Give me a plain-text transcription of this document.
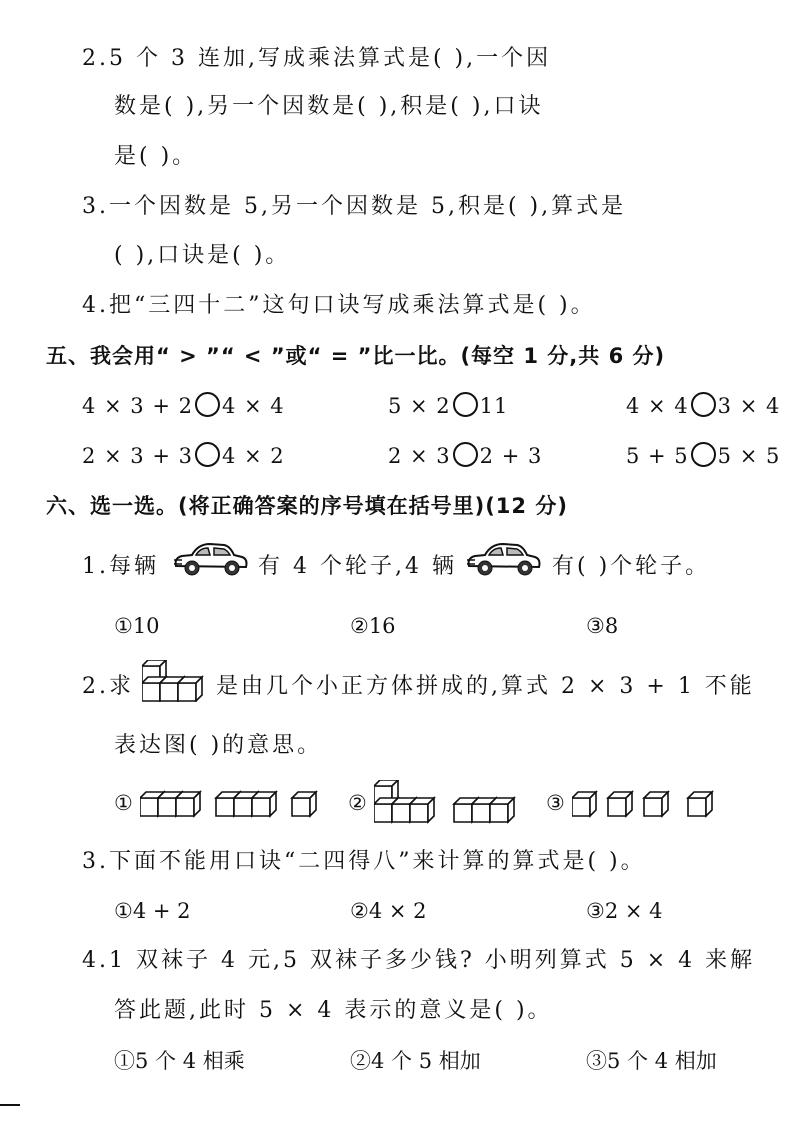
2.5 个 3 连加,写成乘法算式是( ),一个因
数是( ),另一个因数是( ),积是( ),口诀
是( )。
3.一个因数是 5,另一个因数是 5,积是( ),算式是
( ),口诀是( )。
4.把“三四十二”这句口诀写成乘法算式是( )。
五、我会用“ > ”“ < ”或“ = ”比一比。(每空 1 分,共 6 分)
4 × 3 + 2 4 × 4	5 × 2 11	4 × 4 3 × 4
2 × 3 + 3 4 × 2	2 × 3 2 + 3	5 + 5 5 × 5
六、选一选。(将正确答案的序号填在括号里)(12 分)
1.每辆	有 4 个轮子,4 辆	有( )个轮子。
①10	②16	③8
2.求	是由几个小正方体拼成的,算式 2 × 3 + 1 不能
表达图( )的意思。
①	②	③
3.下面不能用口诀“二四得八”来计算的算式是( )。
①4 + 2	②4 × 2	③2 × 4
4.1 双袜子 4 元,5 双袜子多少钱? 小明列算式 5 × 4 来解
答此题,此时 5 × 4 表示的意义是( )。
①5 个 4 相乘	②4 个 5 相加	③5 个 4 相加
